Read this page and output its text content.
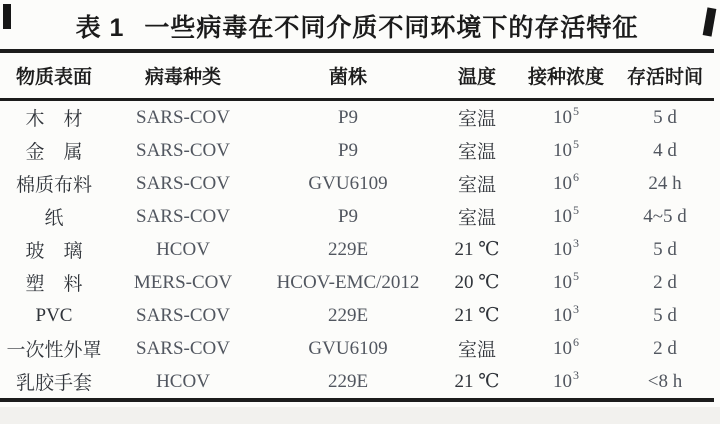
表 1 一些病毒在不同介质不同环境下的存活特征
物质表面	病毒种类	菌株	温度	接种浓度	存活时间
木　材	SARS-COV	P9	室温	$10^5$	5 d
金　属	SARS-COV	P9	室温	$10^5$	4 d
棉质布料	SARS-COV	GVU6109	室温	$10^6$	24 h
纸	SARS-COV	P9	室温	$10^5$	4~5 d
玻　璃	HCOV	229E	21 ℃	$10^3$	5 d
塑　料	MERS-COV	HCOV-EMC/2012	20 ℃	$10^5$	2 d
PVC	SARS-COV	229E	21 ℃	$10^3$	5 d
一次性外罩	SARS-COV	GVU6109	室温	$10^6$	2 d
乳胶手套	HCOV	229E	21 ℃	$10^3$	<8 h
